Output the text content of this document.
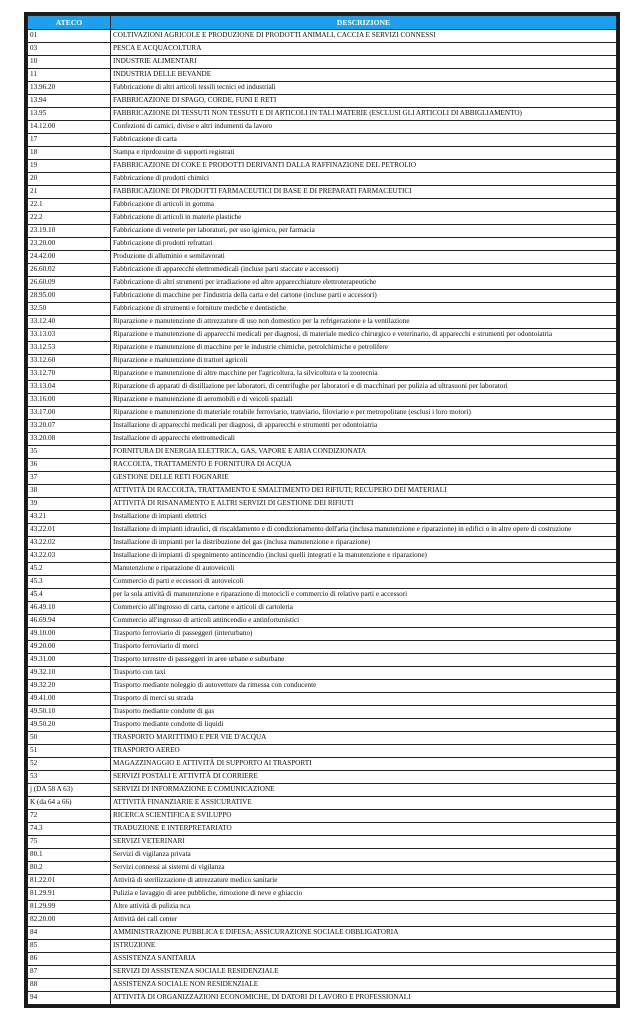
ATECO	DESCRIZIONE
01	COLTIVAZIONI AGRICOLE E PRODUZIONE DI PRODOTTI ANIMALI, CACCIA E SERVIZI CONNESSI
03	PESCA E ACQUACOLTURA
10	INDUSTRIE ALIMENTARI
11	INDUSTRIA DELLE BEVANDE
13.96.20	Fabbricazione di altri articoli tessili tecnici ed industriali
13.94	FABBRICAZIONE DI SPAGO, CORDE, FUNI E RETI
13.95	FABBRICAZIONE DI TESSUTI NON TESSUTI E DI ARTICOLI IN TALI MATERIE (ESCLUSI GLI ARTICOLI DI ABBIGLIAMENTO)
14.12.00	Confezioni di camici, divise e altri indumenti da lavoro
17	Fabbricazione di carta
18	Stampa e riprdozuine di supporti registrati
19	FABBRICAZIONE DI COKE E PRODOTTI DERIVANTI DALLA RAFFINAZIONE DEL PETROLIO
20	Fabbricazione di prodotti chimici
21	FABBRICAZIONE DI PRODOTTI FARMACEUTICI DI BASE E DI PREPARATI FARMACEUTICI
22.1	Fabbricazione di articoli in gomma
22.2	Fabbricazione di articoli in materie plastiche
23.19.10	Fabbricazione di vetrerie per laboratori, per uso igienico, per farmacia
23.20.00	Fabbricazione di prodotti refrattari
24.42.00	Produzione di alluminio e semilavorati
26.60.02	Fabbricazione di apparecchi elettromedicali (incluse parti staccate e accessori)
26.60.09	Fabbricazione di altri strumenti per irradiazione ed altre apparecchiature elettroterapeutiche
28.95.00	Fabbricazione di macchine per l'industria della carta e del cartone (incluse parti e accessori)
32.50	Fabbricazione di strumenti e forniture mediche e dentistiche
33.12.40	Riparazione e manutenzione di attrezzature di uso non domestico per la refrigerazione e la ventilazione
33.13.03	Riparazione e manutenzione di apparecchi medicali per diagnosi, di materiale medico chirurgico e veterinario, di apparecchi e strumenti per odontoiatria
33.12.53	Riparazione e manutenzione di macchine per le industrie chimiche, petrolchimiche e petrolifere
33.12.60	Riparazione e manutenzione di trattori agricoli
33.12.70	Riparazione e manutenzione di altre macchine per l'agricoltura, la silvicoltura e la zootecnia
33.13.04	Riparazione di apparati di distillazione per laboratori, di centrifughe per laboratori e di macchinari per pulizia ad ultrasuoni per laboratori
33.16.00	Riparazione e manutenzione di aeromobili e di veicoli spaziali
33.17.00	Riparazione e manutenzione di materiale rotabile ferroviario, tranviario, filoviario e per metropolitane (esclusi i loro motori)
33.20.07	Installazione di apparecchi medicali per diagnosi, di apparecchi e strumenti per odontoiatria
33.20.08	Installazione di apparecchi elettromedicali
35	FORNITURA DI ENERGIA ELETTRICA, GAS, VAPORE E ARIA CONDIZIONATA
36	RACCOLTA, TRATTAMENTO E FORNITURA DI ACQUA
37	GESTIONE DELLE RETI FOGNARIE
38	ATTIVITÀ DI RACCOLTA, TRATTAMENTO E SMALTIMENTO DEI RIFIUTI; RECUPERO DEI MATERIALI
39	ATTIVITÀ DI RISANAMENTO E ALTRI SERVIZI DI GESTIONE DEI RIFIUTI
43.21	Installazione di impianti elettrici
43.22.01	Installazione di impianti idraulici, di riscaldamento e di condizionamento dell'aria (inclusa manutenzione e riparazione) in edifici o in altre opere di costruzione
43.22.02	Installazione di impianti per la distribuzione del gas (inclusa manutenzione e riparazione)
43.22.03	Installazione di impianti di spegnimento antincendio (inclusi quelli integrati e la manutenzione e riparazione)
45.2	Manutenzione e riparazione di autoveicoli
45.3	Commercio di parti e eccessori di autoveicoli
45.4	per la sola attività di manutenzione e riparazione di motocicli e commercio di relative parti e accessori
46.49.10	Commercio all'ingrosso di carta, cartone e articoli di cartoleria
46.69.94	Commercio all'ingrosso di articoli antincendio e antinfortunistici
49.10.00	Trasporto ferroviario di passeggeri (interurbano)
49.20.00	Trasporto ferroviario di merci
49.31.00	Trasporto terrestre di passeggeri in aree urbane e suburbane
49.32.10	Trasporto con taxi
49.32.20	Trasporto mediante noleggio di autovetture da rimessa con conducente
49.41.00	Trasporto di merci su strada
49.50.10	Trasporto mediante condotte di gas
49.50.20	Trasporto mediante condotte di liquidi
50	TRASPORTO MARITTIMO E PER VIE D'ACQUA
51	TRASPORTO AEREO
52	MAGAZZINAGGIO E ATTIVITÀ DI SUPPORTO AI TRASPORTI
53	SERVIZI POSTALI E ATTIVITÀ DI CORRIERE
j (DA 58 A 63)	SERVIZI DI INFORMAZIONE E COMUNICAZIONE
K (da 64 a 66)	ATTIVITÀ FINANZIARIE E ASSICURATIVE
72	RICERCA SCIENTIFICA E SVILUPPO
74.3	TRADUZIONE E INTERPRETARIATO
75	SERVIZI VETERINARI
80.1	Servizi di vigilanza privata
80.2	Servizi connessi ai sistemi di vigilanza
81.22.01	Attività di sterilizzazione di attrezzature medico sanitarie
81.29.91	Pulizia e lavaggio di aree pubbliche, rimozione di neve e ghiaccio
81.29.99	Altre attività di pulizia nca
82.20.00	Attività dei call center
84	AMMINISTRAZIONE PUBBLICA E DIFESA; ASSICURAZIONE SOCIALE OBBLIGATORIA
85	ISTRUZIONE
86	ASSISTENZA SANITARIA
87	SERVIZI DI ASSISTENZA SOCIALE RESIDENZIALE
88	ASSISTENZA SOCIALE NON RESIDENZIALE
94	ATTIVITÀ DI ORGANIZZAZIONI ECONOMICHE, DI DATORI DI LAVORO E PROFESSIONALI
